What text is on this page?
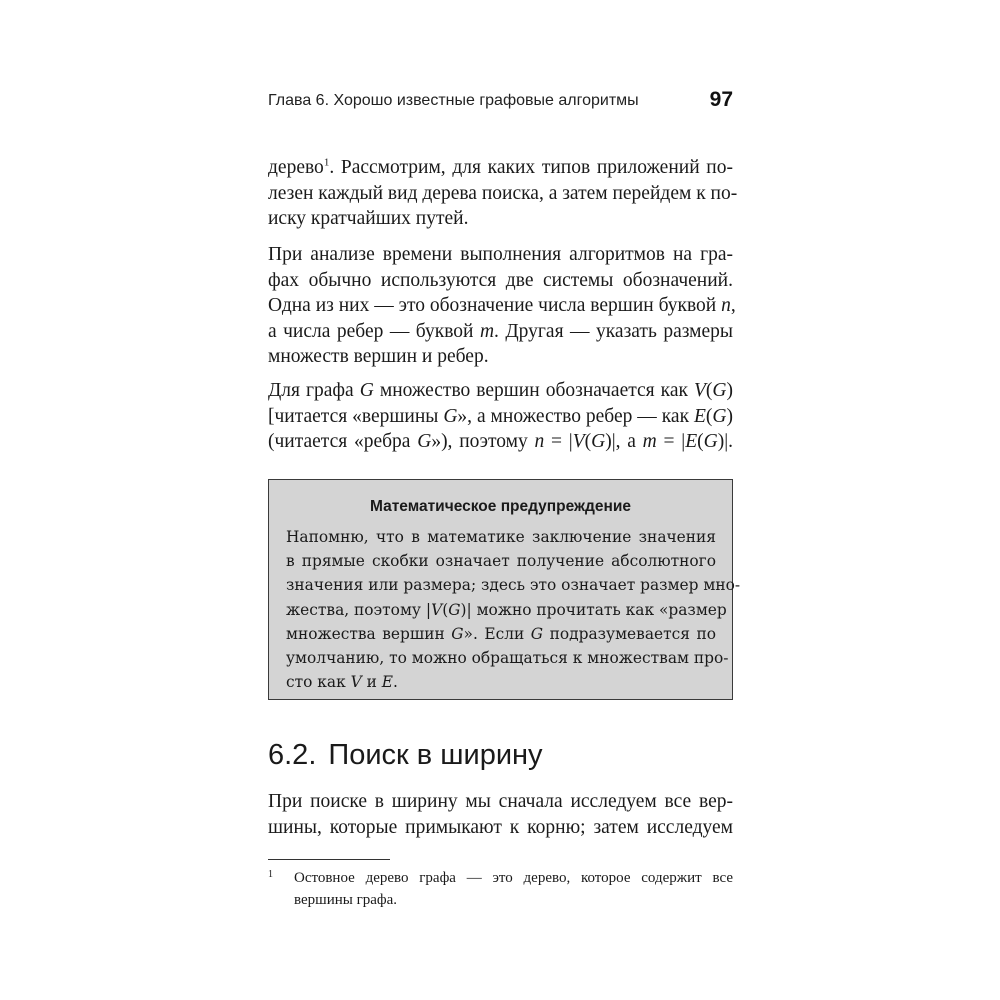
Глава 6. Хорошо известные графовые алгоритмы	97
дерево$^1$. Рассмотрим, для каких типов приложений по-
лезен каждый вид дерева поиска, а затем перейдем к по-
иску кратчайших путей.
При анализе времени выполнения алгоритмов на гра-
фах обычно используются две системы обозначений.
Одна из них — это обозначение числа вершин буквой n,
а числа ребер — буквой m. Другая — указать размеры
множеств вершин и ребер.
Для графа G множество вершин обозначается как V(G)
[читается «вершины G», а множество ребер — как E(G)
(читается «ребра G»), поэтому n = |V(G)|, а m = |E(G)|.
Математическое предупреждение
Напомню, что в математике заключение значения
в прямые скобки означает получение абсолютного
значения или размера; здесь это означает размер мно-
жества, поэтому |V(G)| можно прочитать как «размер
множества вершин G». Если G подразумевается по
умолчанию, то можно обращаться к множествам про-
сто как V и E.
6.2. Поиск в ширину
При поиске в ширину мы сначала исследуем все вер-
шины, которые примыкают к корню; затем исследуем
1 Остовное дерево графа — это дерево, которое содержит все
вершины графа.
